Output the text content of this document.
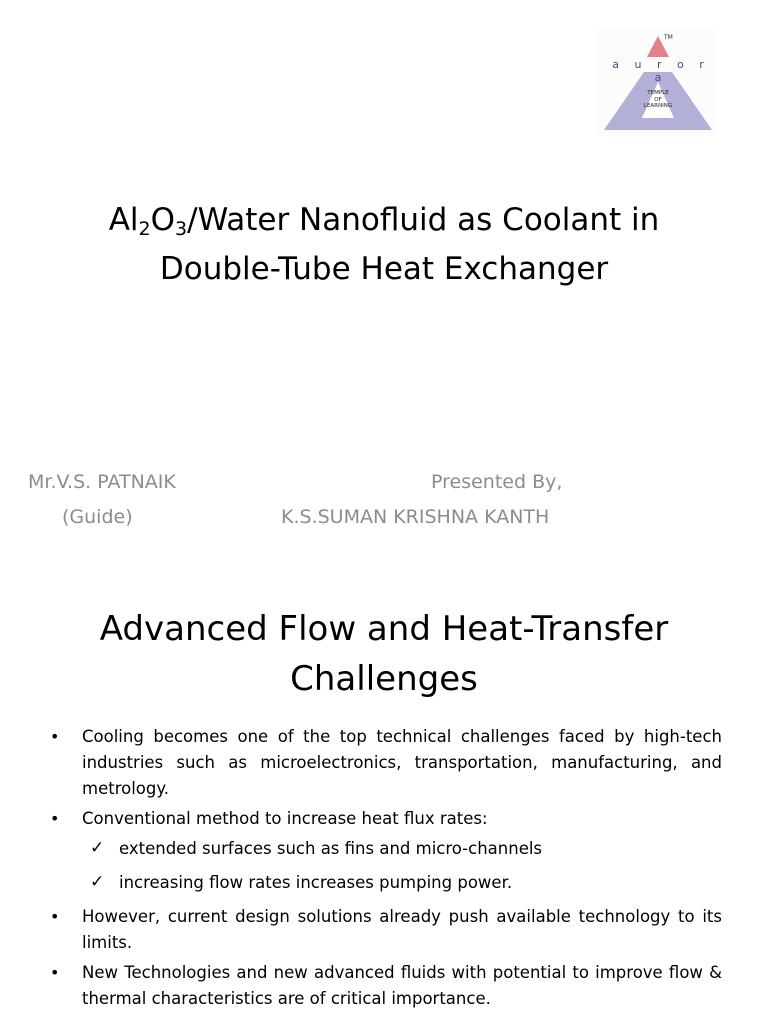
TM
a u r o r a
TEMPLE
OF
LEARNING
$Al_2O_3$/Water Nanofluid as Coolant in
Double-Tube Heat Exchanger
Mr.V.S. PATNAIK
(Guide)
Presented By,
K.S.SUMAN KRISHNA KANTH
Advanced Flow and Heat-Transfer
Challenges
• Cooling becomes one of the top technical challenges faced by high-tech industries such as microelectronics, transportation, manufacturing, and metrology.
• Conventional method to increase heat flux rates:
✓ extended surfaces such as fins and micro-channels
✓ increasing flow rates increases pumping power.
• However, current design solutions already push available technology to its limits.
• New Technologies and new advanced fluids with potential to improve flow & thermal characteristics are of critical importance.
